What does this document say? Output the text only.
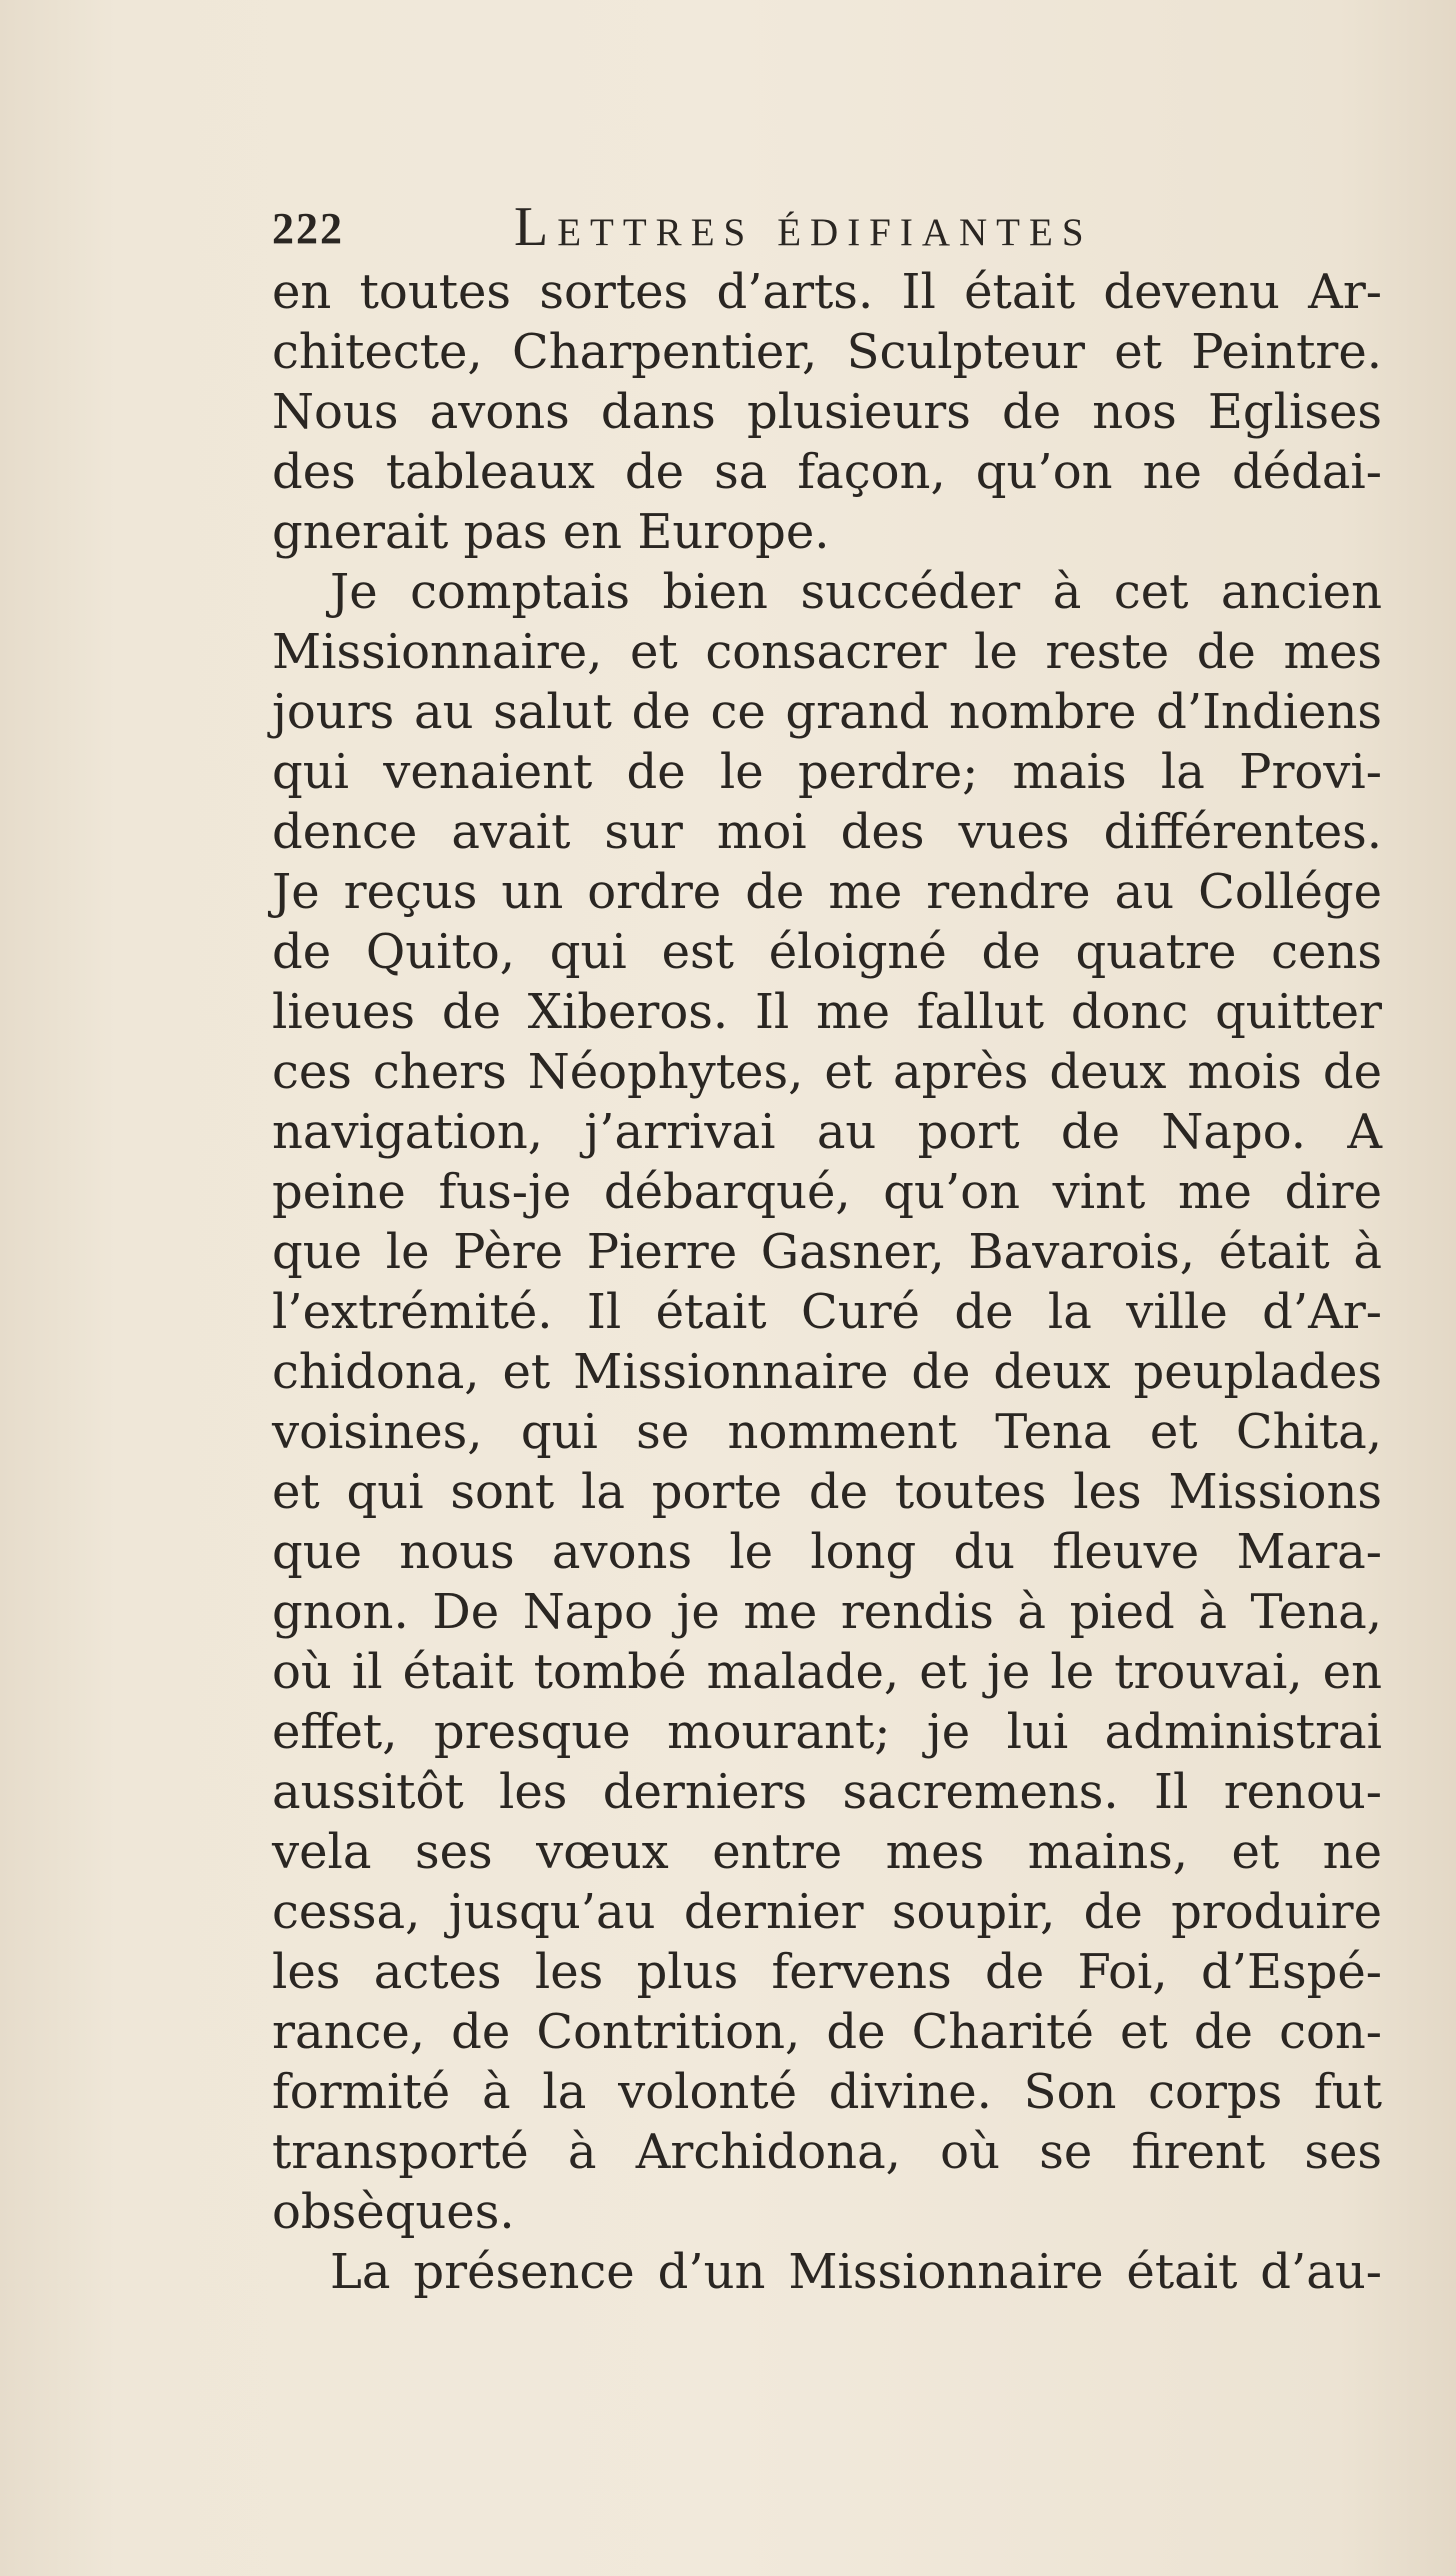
222	Lettres édifiantes
en toutes sortes d’arts. Il était devenu Ar-
chitecte, Charpentier, Sculpteur et Peintre.
Nous avons dans plusieurs de nos Eglises
des tableaux de sa façon, qu’on ne dédai-
gnerait pas en Europe.
Je comptais bien succéder à cet ancien
Missionnaire, et consacrer le reste de mes
jours au salut de ce grand nombre d’Indiens
qui venaient de le perdre; mais la Provi-
dence avait sur moi des vues différentes.
Je reçus un ordre de me rendre au Collége
de Quito, qui est éloigné de quatre cens
lieues de Xiberos. Il me fallut donc quitter
ces chers Néophytes, et après deux mois de
navigation, j’arrivai au port de Napo. A
peine fus-je débarqué, qu’on vint me dire
que le Père Pierre Gasner, Bavarois, était à
l’extrémité. Il était Curé de la ville d’Ar-
chidona, et Missionnaire de deux peuplades
voisines, qui se nomment Tena et Chita,
et qui sont la porte de toutes les Missions
que nous avons le long du fleuve Mara-
gnon. De Napo je me rendis à pied à Tena,
où il était tombé malade, et je le trouvai, en
effet, presque mourant; je lui administrai
aussitôt les derniers sacremens. Il renou-
vela ses vœux entre mes mains, et ne
cessa, jusqu’au dernier soupir, de produire
les actes les plus fervens de Foi, d’Espé-
rance, de Contrition, de Charité et de con-
formité à la volonté divine. Son corps fut
transporté à Archidona, où se firent ses
obsèques.
La présence d’un Missionnaire était d’au-
